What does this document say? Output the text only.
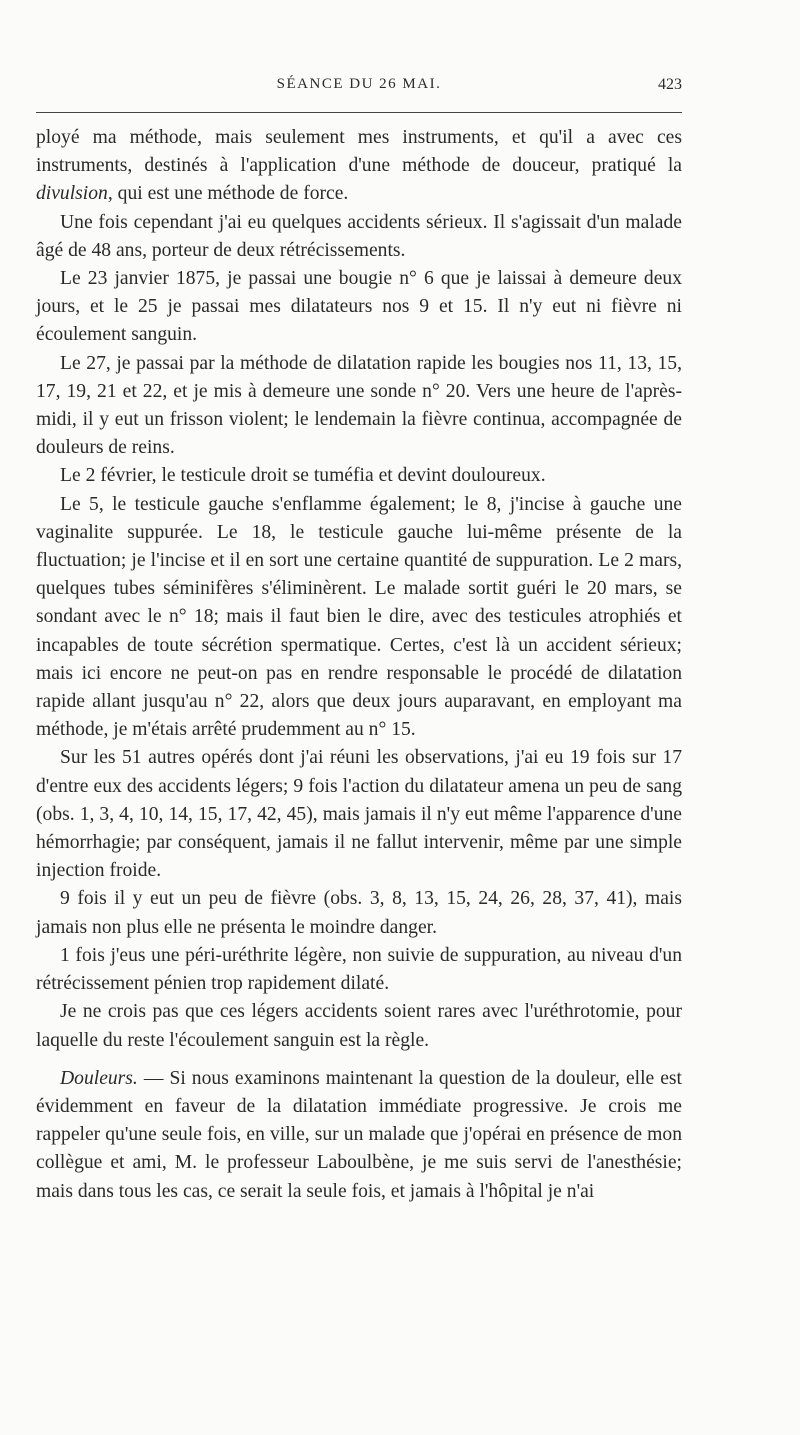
SÉANCE DU 26 MAI.	423

ployé ma méthode, mais seulement mes instruments, et qu'il a avec ces instruments, destinés à l'application d'une méthode de douceur, pratiqué la divulsion, qui est une méthode de force.

Une fois cependant j'ai eu quelques accidents sérieux. Il s'agissait d'un malade âgé de 48 ans, porteur de deux rétrécissements.

Le 23 janvier 1875, je passai une bougie n° 6 que je laissai à demeure deux jours, et le 25 je passai mes dilatateurs nos 9 et 15. Il n'y eut ni fièvre ni écoulement sanguin.

Le 27, je passai par la méthode de dilatation rapide les bougies nos 11, 13, 15, 17, 19, 21 et 22, et je mis à demeure une sonde n° 20. Vers une heure de l'après-midi, il y eut un frisson violent; le lendemain la fièvre continua, accompagnée de douleurs de reins.

Le 2 février, le testicule droit se tuméfia et devint douloureux.

Le 5, le testicule gauche s'enflamme également; le 8, j'incise à gauche une vaginalite suppurée. Le 18, le testicule gauche lui-même présente de la fluctuation; je l'incise et il en sort une certaine quantité de suppuration. Le 2 mars, quelques tubes séminifères s'éliminèrent. Le malade sortit guéri le 20 mars, se sondant avec le n° 18; mais il faut bien le dire, avec des testicules atrophiés et incapables de toute sécrétion spermatique. Certes, c'est là un accident sérieux; mais ici encore ne peut-on pas en rendre responsable le procédé de dilatation rapide allant jusqu'au n° 22, alors que deux jours auparavant, en employant ma méthode, je m'étais arrêté prudemment au n° 15.

Sur les 51 autres opérés dont j'ai réuni les observations, j'ai eu 19 fois sur 17 d'entre eux des accidents légers; 9 fois l'action du dilatateur amena un peu de sang (obs. 1, 3, 4, 10, 14, 15, 17, 42, 45), mais jamais il n'y eut même l'apparence d'une hémorrhagie; par conséquent, jamais il ne fallut intervenir, même par une simple injection froide.

9 fois il y eut un peu de fièvre (obs. 3, 8, 13, 15, 24, 26, 28, 37, 41), mais jamais non plus elle ne présenta le moindre danger.

1 fois j'eus une péri-uréthrite légère, non suivie de suppuration, au niveau d'un rétrécissement pénien trop rapidement dilaté.

Je ne crois pas que ces légers accidents soient rares avec l'uréthrotomie, pour laquelle du reste l'écoulement sanguin est la règle.

Douleurs. — Si nous examinons maintenant la question de la douleur, elle est évidemment en faveur de la dilatation immédiate progressive. Je crois me rappeler qu'une seule fois, en ville, sur un malade que j'opérai en présence de mon collègue et ami, M. le professeur Laboulbène, je me suis servi de l'anesthésie; mais dans tous les cas, ce serait la seule fois, et jamais à l'hôpital je n'ai
